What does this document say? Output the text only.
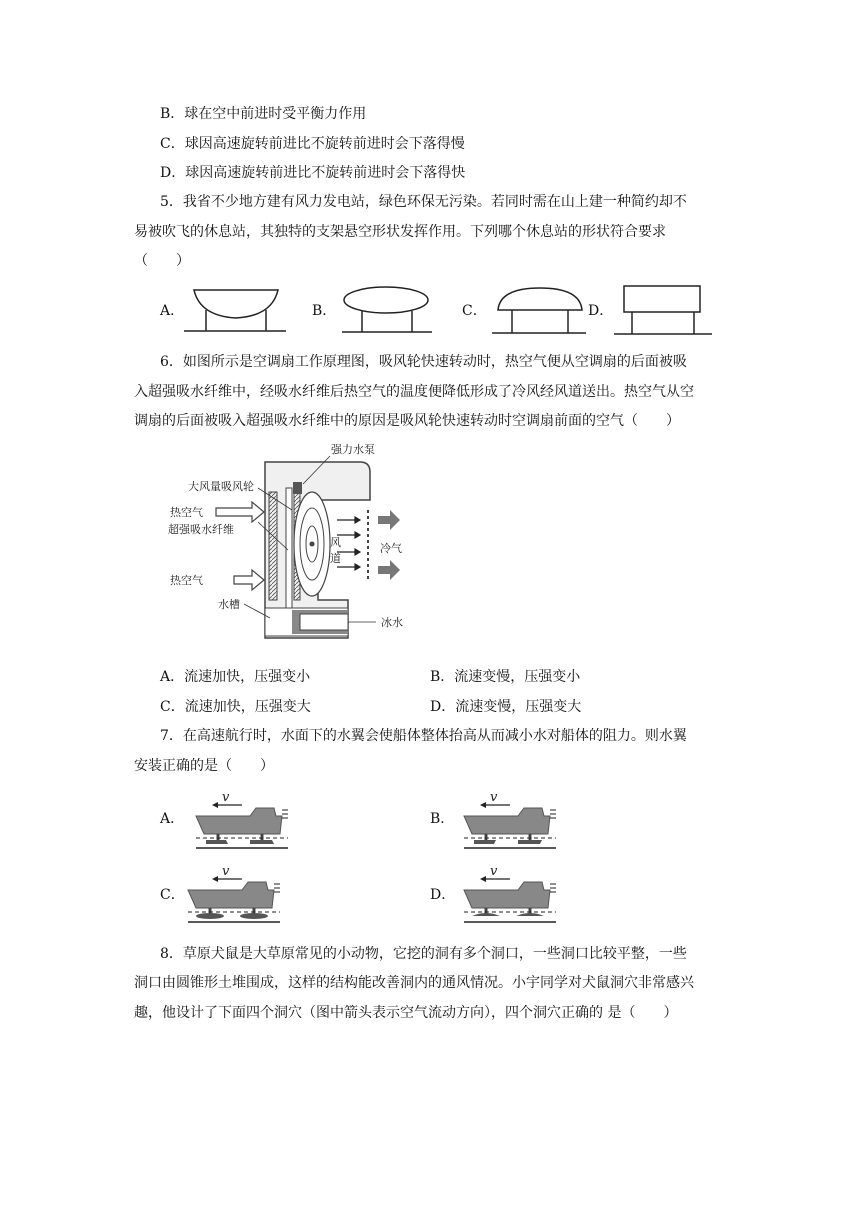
B．球在空中前进时受平衡力作用
C．球因高速旋转前进比不旋转前进时会下落得慢
D．球因高速旋转前进比不旋转前进时会下落得快
5．我省不少地方建有风力发电站，绿色环保无污染。若同时需在山上建一种简约却不
易被吹飞的休息站，其独特的支架悬空形状发挥作用。下列哪个休息站的形状符合要求
（　　）
A．	B．	C．	D．
6．如图所示是空调扇工作原理图，吸风轮快速转动时，热空气便从空调扇的后面被吸
入超强吸水纤维中，经吸水纤维后热空气的温度便降低形成了冷风经风道送出。热空气从空
调扇的后面被吸入超强吸水纤维中的原因是吸风轮快速转动时空调扇前面的空气（　　）
强力水泵
大风量吸风轮
热空气
超强吸水纤维
热空气
水槽
风
道
冷气
冰水
A．流速加快，压强变小	B．流速变慢，压强变小
C．流速加快，压强变大	D．流速变慢，压强变大
7．在高速航行时，水面下的水翼会使船体整体抬高从而减小水对船体的阻力。则水翼
安装正确的是（　　）
A．	B．
C．	D．
v	v
v	v
8．草原犬鼠是大草原常见的小动物，它挖的洞有多个洞口，一些洞口比较平整，一些
洞口由圆锥形土堆围成，这样的结构能改善洞内的通风情况。小宇同学对犬鼠洞穴非常感兴
趣，他设计了下面四个洞穴（图中箭头表示空气流动方向），四个洞穴正确的 是（　　）
